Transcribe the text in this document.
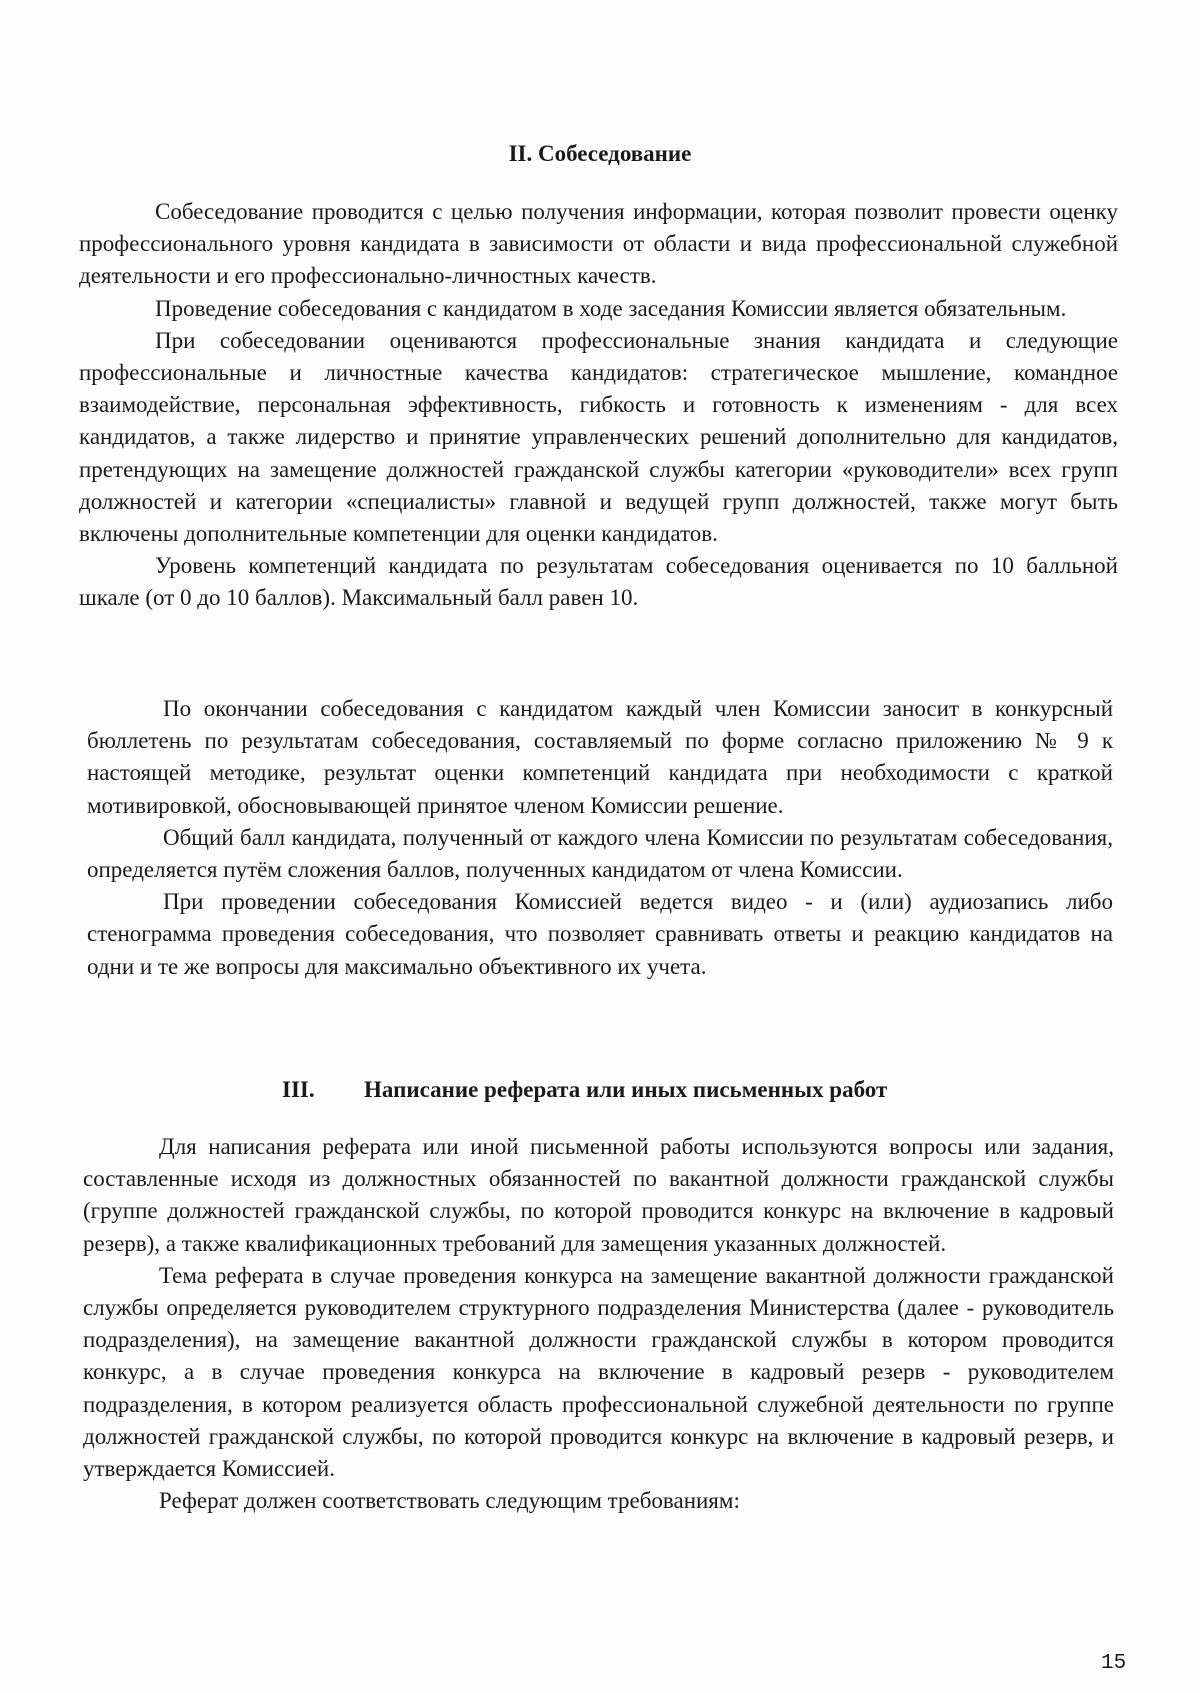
II. Собеседование

Собеседование проводится с целью получения информации, которая позволит провести оценку профессионального уровня кандидата в зависимости от области и вида профессиональной служебной деятельности и его профессионально-личностных качеств.

Проведение собеседования с кандидатом в ходе заседания Комиссии является обязательным.

При собеседовании оцениваются профессиональные знания кандидата и следующие профессиональные и личностные качества кандидатов: стратегическое мышление, командное взаимодействие, персональная эффективность, гибкость и готовность к изменениям - для всех кандидатов, а также лидерство и принятие управленческих решений дополнительно для кандидатов, претендующих на замещение должностей гражданской службы категории «руководители» всех групп должностей и категории «специалисты» главной и ведущей групп должностей, также могут быть включены дополнительные компетенции для оценки кандидатов.

Уровень компетенций кандидата по результатам собеседования оценивается по 10 балльной шкале (от 0 до 10 баллов). Максимальный балл равен 10.

По окончании собеседования с кандидатом каждый член Комиссии заносит в конкурсный бюллетень по результатам собеседования, составляемый по форме согласно приложению № 9 к настоящей методике, результат оценки компетенций кандидата при необходимости с краткой мотивировкой, обосновывающей принятое членом Комиссии решение.

Общий балл кандидата, полученный от каждого члена Комиссии по результатам собеседования, определяется путём сложения баллов, полученных кандидатом от члена Комиссии.

При проведении собеседования Комиссией ведется видео - и (или) аудиозапись либо стенограмма проведения собеседования, что позволяет сравнивать ответы и реакцию кандидатов на одни и те же вопросы для максимально объективного их учета.

III. Написание реферата или иных письменных работ

Для написания реферата или иной письменной работы используются вопросы или задания, составленные исходя из должностных обязанностей по вакантной должности гражданской службы (группе должностей гражданской службы, по которой проводится конкурс на включение в кадровый резерв), а также квалификационных требований для замещения указанных должностей.

Тема реферата в случае проведения конкурса на замещение вакантной должности гражданской службы определяется руководителем структурного подразделения Министерства (далее - руководитель подразделения), на замещение вакантной должности гражданской службы в котором проводится конкурс, а в случае проведения конкурса на включение в кадровый резерв - руководителем подразделения, в котором реализуется область профессиональной служебной деятельности по группе должностей гражданской службы, по которой проводится конкурс на включение в кадровый резерв, и утверждается Комиссией.

Реферат должен соответствовать следующим требованиям:

15
